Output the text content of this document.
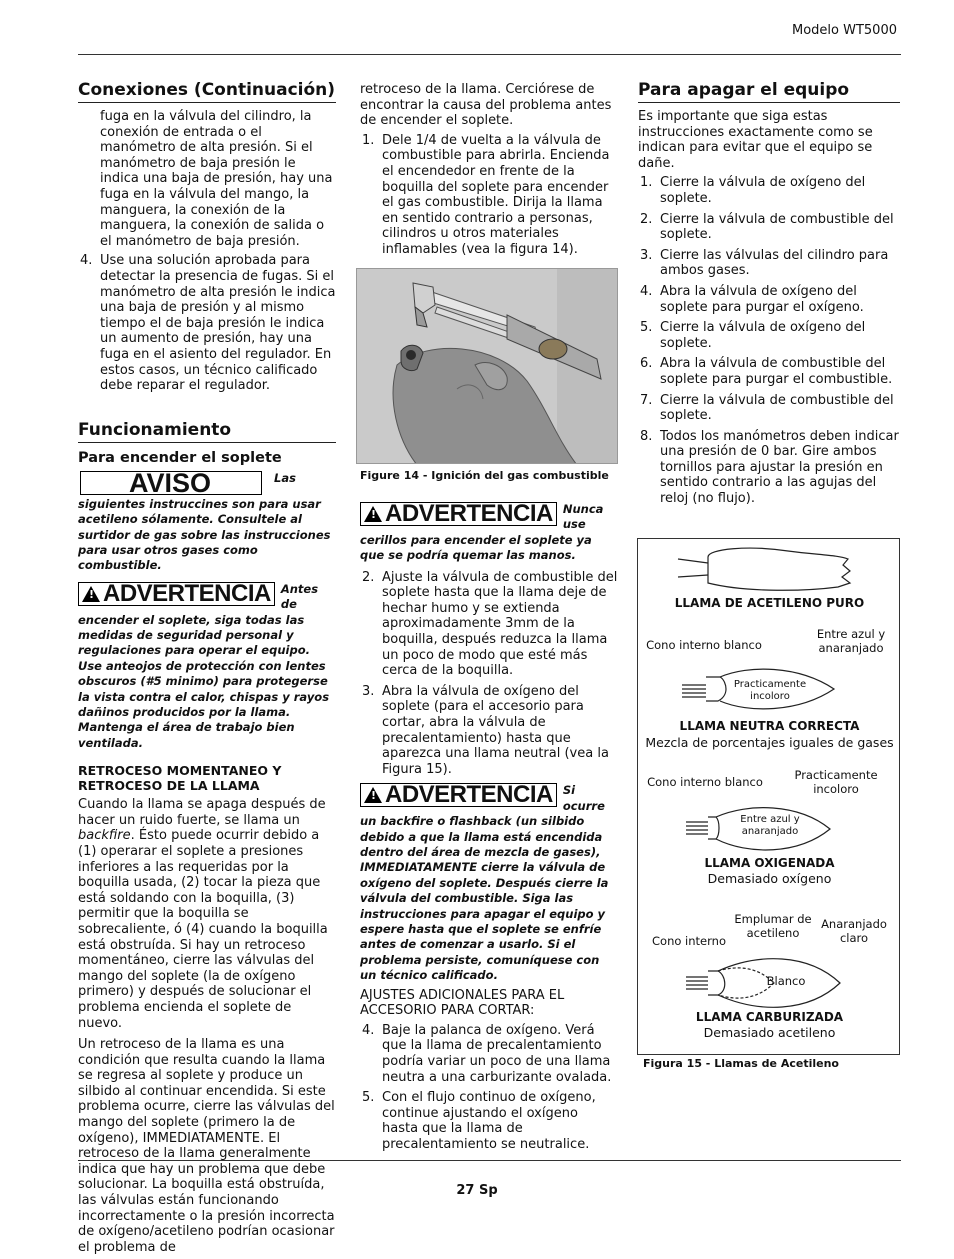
Modelo WT5000
27 Sp
Conexiones (Continuación)

fuga en la válvula del cilindro, la conexión de entrada o el manómetro de alta presión. Si el manómetro de baja presión le indica una baja de presión, hay una fuga en la válvula del mango, la manguera, la conexión de la manguera, la conexión de salida o el manómetro de baja presión.

4. Use una solución aprobada para detectar la presencia de fugas. Si el manómetro de alta presión le indica una baja de presión y al mismo tiempo el de baja presión le indica un aumento de presión, hay una fuga en el asiento del regulador. En estos casos, un técnico calificado debe reparar el regulador.
Funcionamiento
Para encender el soplete
AVISO	Las siguientes instruccines son para usar acetileno sólamente. Consultele al surtidor de gas sobre las instrucciones para usar otros gases como combustible.
! ADVERTENCIA Antes de encender el soplete, siga todas las medidas de seguridad personal y regulaciones para operar el equipo. Use anteojos de protección con lentes obscuros (#5 minimo) para protegerse la vista contra el calor, chispas y rayos dañinos producidos por la llama. Mantenga el área de trabajo bien ventilada.

RETROCESO MOMENTANEO Y RETROCESO DE LA LLAMA

Cuando la llama se apaga después de hacer un ruido fuerte, se llama un backfire. Ésto puede ocurrir debido a (1) operarar el soplete a presiones inferiores a las requeridas por la boquilla usada, (2) tocar la pieza que está soldando con la boquilla, (3) permitir que la boquilla se sobrecaliente, ó (4) cuando la boquilla está obstruída. Si hay un retroceso momentáneo, cierre las válvulas del mango del soplete (la de oxígeno primero) y después de solucionar el problema encienda el soplete de nuevo.

Un retroceso de la llama es una condición que resulta cuando la llama se regresa al soplete y produce un silbido al continuar encendida. Si este problema ocurre, cierre las válvulas del mango del soplete (primero la de oxígeno), IMMEDIATAMENTE. El retroceso de la llama generalmente indica que hay un problema que debe solucionar. La boquilla está obstruída, las válvulas están funcionando incorrectamente o la presión incorrecta de oxígeno/acetileno podrían ocasionar el problema de

retroceso de la llama. Cerciórese de encontrar la causa del problema antes de encender el soplete.

1. Dele 1/4 de vuelta a la válvula de combustible para abrirla. Encienda el encendedor en frente de la boquilla del soplete para encender el gas combustible. Dirija la llama en sentido contrario a personas, cilindros u otros materiales inflamables (vea la figura 14).
Figure 14 - Ignición del gas combustible
! ADVERTENCIA Nunca use cerillos para encender el soplete ya que se podría quemar las manos.
2. Ajuste la válvula de combustible del soplete hasta que la llama deje de hechar humo y se extienda aproximadamente 3mm de la boquilla, después reduzca la llama un poco de modo que esté más cerca de la boquilla.
3. Abra la válvula de oxígeno del soplete (para el accesorio para cortar, abra la válvula de precalentamiento) hasta que aparezca una llama neutral (vea la Figura 15).
! ADVERTENCIA Si ocurre un backfire o flashback (un silbido debido a que la llama está encendida dentro del área de mezcla de gases), IMMEDIATAMENTE cierre la válvula de oxígeno del soplete. Después cierre la válvula del combustible. Siga las instrucciones para apagar el equipo y espere hasta que el soplete se enfríe antes de comenzar a usarlo. Si el problema persiste, comuníquese con un técnico calificado.

AJUSTES ADICIONALES PARA EL ACCESORIO PARA CORTAR:

4. Baje la palanca de oxígeno. Verá que la llama de precalentamiento podría variar un poco de una llama neutra a una carburizante ovalada.
5. Con el flujo continuo de oxígeno, continue ajustando el oxígeno hasta que la llama de precalentamiento se neutralice.
Para apagar el equipo

Es importante que siga estas instrucciones exactamente como se indican para evitar que el equipo se dañe.

1. Cierre la válvula de oxígeno del soplete.
2. Cierre la válvula de combustible del soplete.
3. Cierre las válvulas del cilindro para ambos gases.
4. Abra la válvula de oxígeno del soplete para purgar el oxígeno.
5. Cierre la válvula de oxígeno del soplete.
6. Abra la válvula de combustible del soplete para purgar el combustible.
7. Cierre la válvula de combustible del soplete.
8. Todos los manómetros deben indicar una presión de 0 bar. Gire ambos tornillos para ajustar la presión en sentido contrario a las agujas del reloj (no flujo).
LLAMA DE ACETILENO PURO
Cono interno blanco
Entre azul y anaranjado
Practicamente incoloro
LLAMA NEUTRA CORRECTA
Mezcla de porcentajes iguales de gases
Cono interno blanco	Practicamente incoloro
Entre azul y anaranjado
LLAMA OXIGENADA
Demasiado oxígeno
Cono interno
Emplumar de acetileno
Anaranjado claro
Blanco
LLAMA CARBURIZADA
Demasiado acetileno
Figura 15 - Llamas de Acetileno
